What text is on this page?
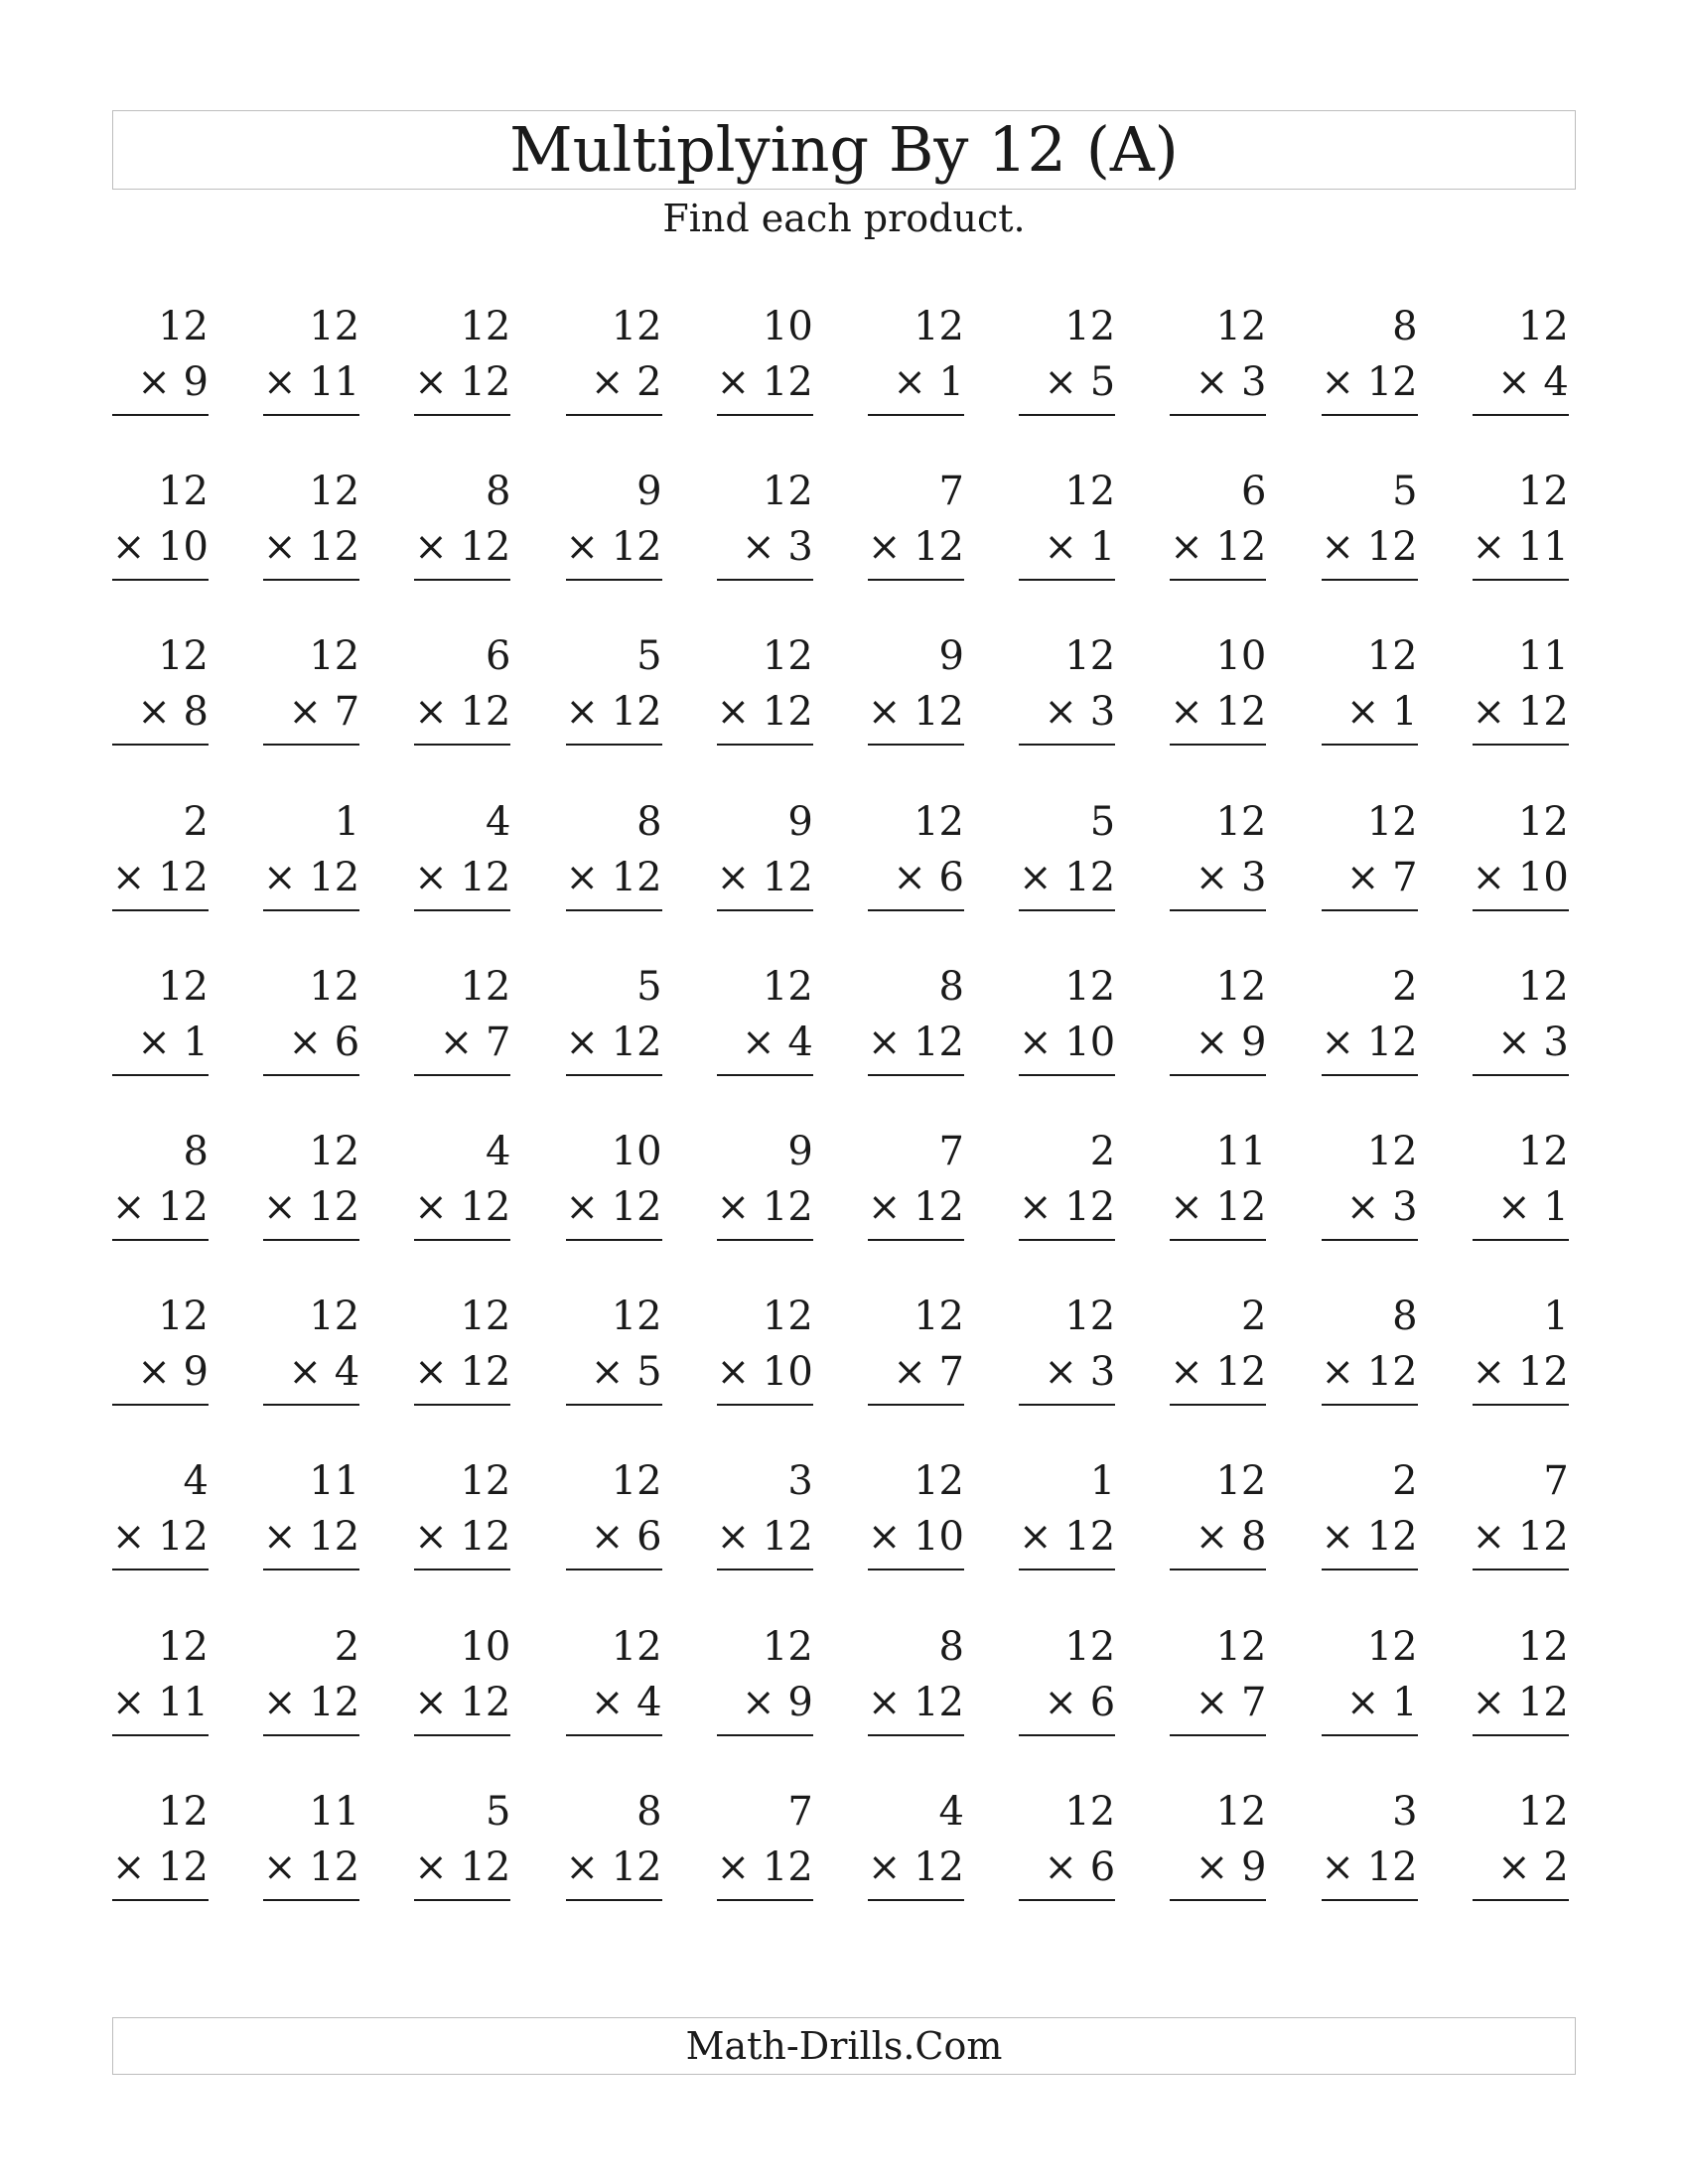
Multiplying By 12 (A)
Find each product.
12
× 9
12
× 11
12
× 12
12
× 2
10
× 12
12
× 1
12
× 5
12
× 3
8
× 12
12
× 4
12
× 10
12
× 12
8
× 12
9
× 12
12
× 3
7
× 12
12
× 1
6
× 12
5
× 12
12
× 11
12
× 8
12
× 7
6
× 12
5
× 12
12
× 12
9
× 12
12
× 3
10
× 12
12
× 1
11
× 12
2
× 12
1
× 12
4
× 12
8
× 12
9
× 12
12
× 6
5
× 12
12
× 3
12
× 7
12
× 10
12
× 1
12
× 6
12
× 7
5
× 12
12
× 4
8
× 12
12
× 10
12
× 9
2
× 12
12
× 3
8
× 12
12
× 12
4
× 12
10
× 12
9
× 12
7
× 12
2
× 12
11
× 12
12
× 3
12
× 1
12
× 9
12
× 4
12
× 12
12
× 5
12
× 10
12
× 7
12
× 3
2
× 12
8
× 12
1
× 12
4
× 12
11
× 12
12
× 12
12
× 6
3
× 12
12
× 10
1
× 12
12
× 8
2
× 12
7
× 12
12
× 11
2
× 12
10
× 12
12
× 4
12
× 9
8
× 12
12
× 6
12
× 7
12
× 1
12
× 12
12
× 12
11
× 12
5
× 12
8
× 12
7
× 12
4
× 12
12
× 6
12
× 9
3
× 12
12
× 2
Math-Drills.Com
